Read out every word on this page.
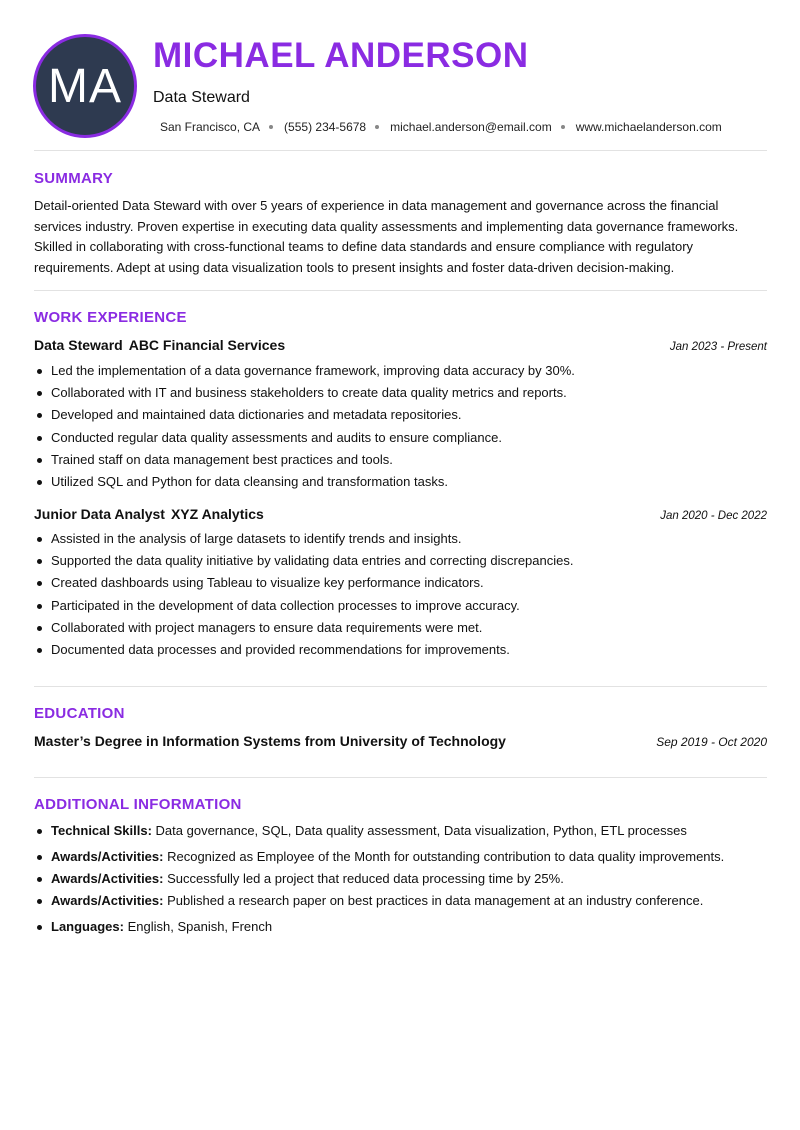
MA
MICHAEL ANDERSON
Data Steward
San Francisco, CA (555) 234-5678 michael.anderson@email.com www.michaelanderson.com
SUMMARY

Detail-oriented Data Steward with over 5 years of experience in data management and governance across the financial services industry. Proven expertise in executing data quality assessments and implementing data governance frameworks. Skilled in collaborating with cross-functional teams to define data standards and ensure compliance with regulatory requirements. Adept at using data visualization tools to present insights and foster data-driven decision-making.

WORK EXPERIENCE
Data Steward ABC Financial Services	Jan 2023 - Present
Led the implementation of a data governance framework, improving data accuracy by 30%.
Collaborated with IT and business stakeholders to create data quality metrics and reports.
Developed and maintained data dictionaries and metadata repositories.
Conducted regular data quality assessments and audits to ensure compliance.
Trained staff on data management best practices and tools.
Utilized SQL and Python for data cleansing and transformation tasks.
Junior Data Analyst XYZ Analytics	Jan 2020 - Dec 2022
Assisted in the analysis of large datasets to identify trends and insights.
Supported the data quality initiative by validating data entries and correcting discrepancies.
Created dashboards using Tableau to visualize key performance indicators.
Participated in the development of data collection processes to improve accuracy.
Collaborated with project managers to ensure data requirements were met.
Documented data processes and provided recommendations for improvements.
EDUCATION
Master’s Degree in Information Systems from University of Technology	Sep 2019 - Oct 2020
ADDITIONAL INFORMATION
Technical Skills: Data governance, SQL, Data quality assessment, Data visualization, Python, ETL processes
Awards/Activities: Recognized as Employee of the Month for outstanding contribution to data quality improvements.
Awards/Activities: Successfully led a project that reduced data processing time by 25%.
Awards/Activities: Published a research paper on best practices in data management at an industry conference.
Languages: English, Spanish, French
